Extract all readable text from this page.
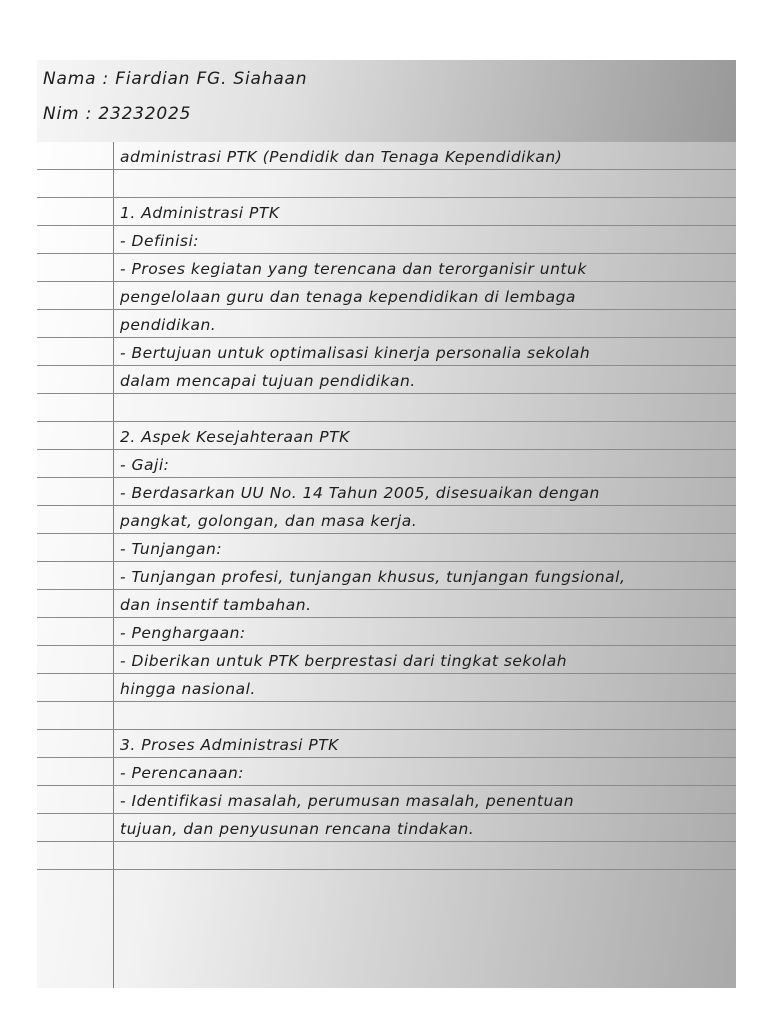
Nama : Fiardian FG. Siahaan
Nim : 23232025
administrasi PTK (Pendidik dan Tenaga Kependidikan)
1. Administrasi PTK
- Definisi:
- Proses kegiatan yang terencana dan terorganisir untuk
pengelolaan guru dan tenaga kependidikan di lembaga
pendidikan.
- Bertujuan untuk optimalisasi kinerja personalia sekolah
dalam mencapai tujuan pendidikan.
2. Aspek Kesejahteraan PTK
- Gaji:
- Berdasarkan UU No. 14 Tahun 2005, disesuaikan dengan
pangkat, golongan, dan masa kerja.
- Tunjangan:
- Tunjangan profesi, tunjangan khusus, tunjangan fungsional,
dan insentif tambahan.
- Penghargaan:
- Diberikan untuk PTK berprestasi dari tingkat sekolah
hingga nasional.
3. Proses Administrasi PTK
- Perencanaan:
- Identifikasi masalah, perumusan masalah, penentuan
tujuan, dan penyusunan rencana tindakan.
